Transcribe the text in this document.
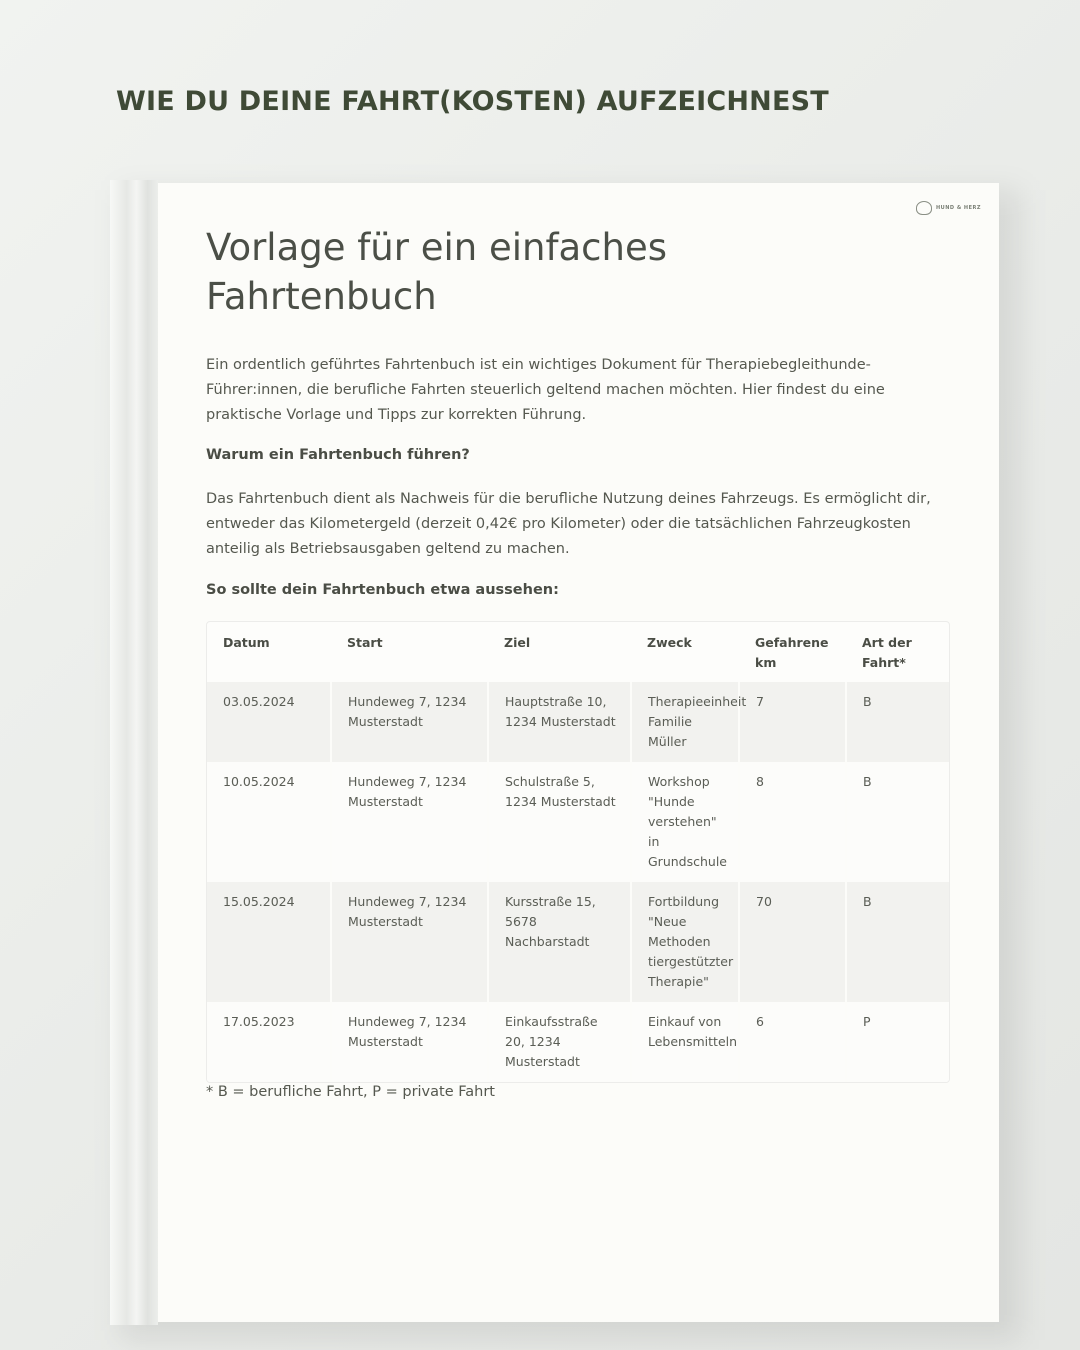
WIE DU DEINE FAHRT(KOSTEN) AUFZEICHNEST
HUND & HERZ
Vorlage für ein einfaches Fahrtenbuch

Ein ordentlich geführtes Fahrtenbuch ist ein wichtiges Dokument für Therapiebegleithunde-Führer:innen, die berufliche Fahrten steuerlich geltend machen möchten. Hier findest du eine praktische Vorlage und Tipps zur korrekten Führung.

Warum ein Fahrtenbuch führen?

Das Fahrtenbuch dient als Nachweis für die berufliche Nutzung deines Fahrzeugs. Es ermöglicht dir, entweder das Kilometergeld (derzeit 0,42€ pro Kilometer) oder die tatsächlichen Fahrzeugkosten anteilig als Betriebsausgaben geltend zu machen.

So sollte dein Fahrtenbuch etwa aussehen:

Datum	Start	Ziel	Zweck	Gefahrene km	Art der Fahrt*
03.05.2024	Hundeweg 7, 1234 Musterstadt	Hauptstraße 10, 1234 Musterstadt	Therapieeinheit Familie Müller	7	B
10.05.2024	Hundeweg 7, 1234 Musterstadt	Schulstraße 5, 1234 Musterstadt	Workshop "Hunde verstehen" in Grundschule	8	B
15.05.2024	Hundeweg 7, 1234 Musterstadt	Kursstraße 15, 5678 Nachbarstadt	Fortbildung "Neue Methoden tiergestützter Therapie"	70	B
17.05.2023	Hundeweg 7, 1234 Musterstadt	Einkaufsstraße 20, 1234 Musterstadt	Einkauf von Lebensmitteln	6	P

* B = berufliche Fahrt, P = private Fahrt
